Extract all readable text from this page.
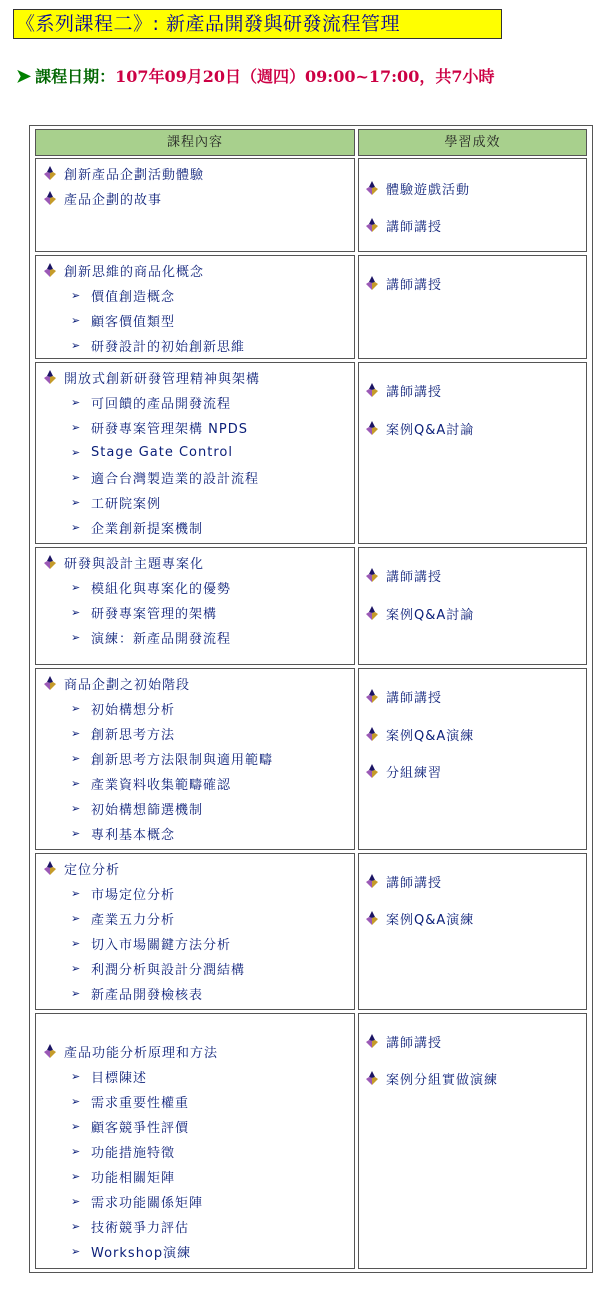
《系列課程二》: 新產品開發與研發流程管理
➤ 課程日期：107年09月20日（週四）09:00~17:00，共7小時
課程內容	學習成效
創新產品企劃活動體驗
產品企劃的故事
體驗遊戲活動
講師講授
創新思維的商品化概念
➢ 價值創造概念
➢ 顧客價值類型
➢ 研發設計的初始創新思維
講師講授
開放式創新研發管理精神與架構
➢ 可回饋的產品開發流程
➢ 研發專案管理架構 NPDS
➢ Stage Gate Control
➢ 適合台灣製造業的設計流程
➢ 工研院案例
➢ 企業創新提案機制
講師講授
案例Q&A討論
研發與設計主題專案化
➢ 模組化與專案化的優勢
➢ 研發專案管理的架構
➢ 演練：新產品開發流程
講師講授
案例Q&A討論
商品企劃之初始階段
➢ 初始構想分析
➢ 創新思考方法
➢ 創新思考方法限制與適用範疇
➢ 產業資料收集範疇確認
➢ 初始構想篩選機制
➢ 專利基本概念
講師講授
案例Q&A演練
分組練習
定位分析
➢ 市場定位分析
➢ 產業五力分析
➢ 切入市場關鍵方法分析
➢ 利潤分析與設計分潤結構
➢ 新產品開發檢核表
講師講授
案例Q&A演練
產品功能分析原理和方法
➢ 目標陳述
➢ 需求重要性權重
➢ 顧客競爭性評價
➢ 功能措施特徵
➢ 功能相關矩陣
➢ 需求功能關係矩陣
➢ 技術競爭力評估
➢ Workshop演練
講師講授
案例分組實做演練
